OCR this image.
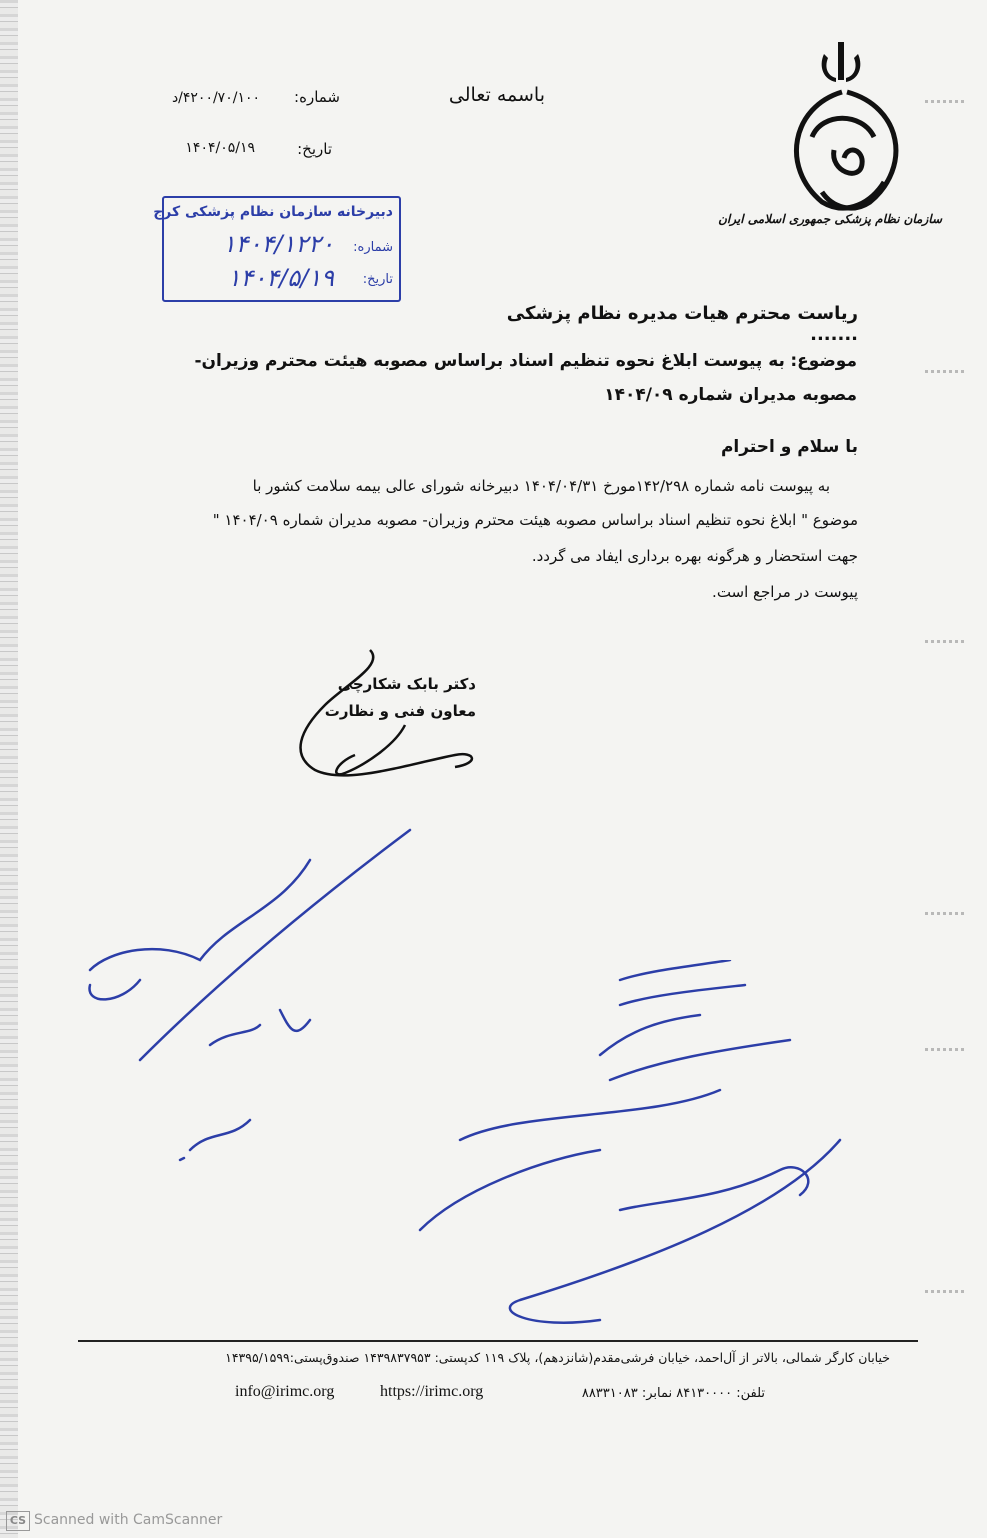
سازمان نظام پزشکی جمهوری اسلامی ایران
باسمه تعالی
شماره:
۴۲۰۰/۷۰/۱۰۰/د
تاریخ:
۱۴۰۴/۰۵/۱۹
دبیرخانه سازمان نظام پزشکی کرج
شماره:
۱۴۰۴/۱۲۲۰
تاریخ:
۱۴۰۴/۵/۱۹
ریاست محترم هیات مدیره نظام پزشکی .......
موضوع: به پیوست ابلاغ نحوه تنظیم اسناد براساس مصوبه هیئت محترم وزیران- مصوبه مدیران شماره ۱۴۰۴/۰۹
با سلام و احترام
به پیوست نامه شماره ۱۴۲/۲۹۸مورخ ۱۴۰۴/۰۴/۳۱ دبیرخانه شورای عالی بیمه سلامت کشور با
موضوع " ابلاغ نحوه تنظیم اسناد براساس مصوبه هیئت محترم وزیران- مصوبه مدیران شماره ۱۴۰۴/۰۹ "
جهت استحضار و هرگونه بهره برداری ایفاد می گردد.
پیوست در مراجع است.
دکتر بابک شکارچی
معاون فنی و نظارت
خیابان کارگر شمالی، بالاتر از آل‌احمد، خیابان فرشی‌مقدم(شانزدهم)، پلاک ۱۱۹ کدپستی: ۱۴۳۹۸۳۷۹۵۳ صندوق‌پستی:۱۴۳۹۵/۱۵۹۹
تلفن: ۸۴۱۳۰۰۰۰ نمابر: ۸۸۳۳۱۰۸۳
https://irimc.org
info@irimc.org
CS Scanned with CamScanner
